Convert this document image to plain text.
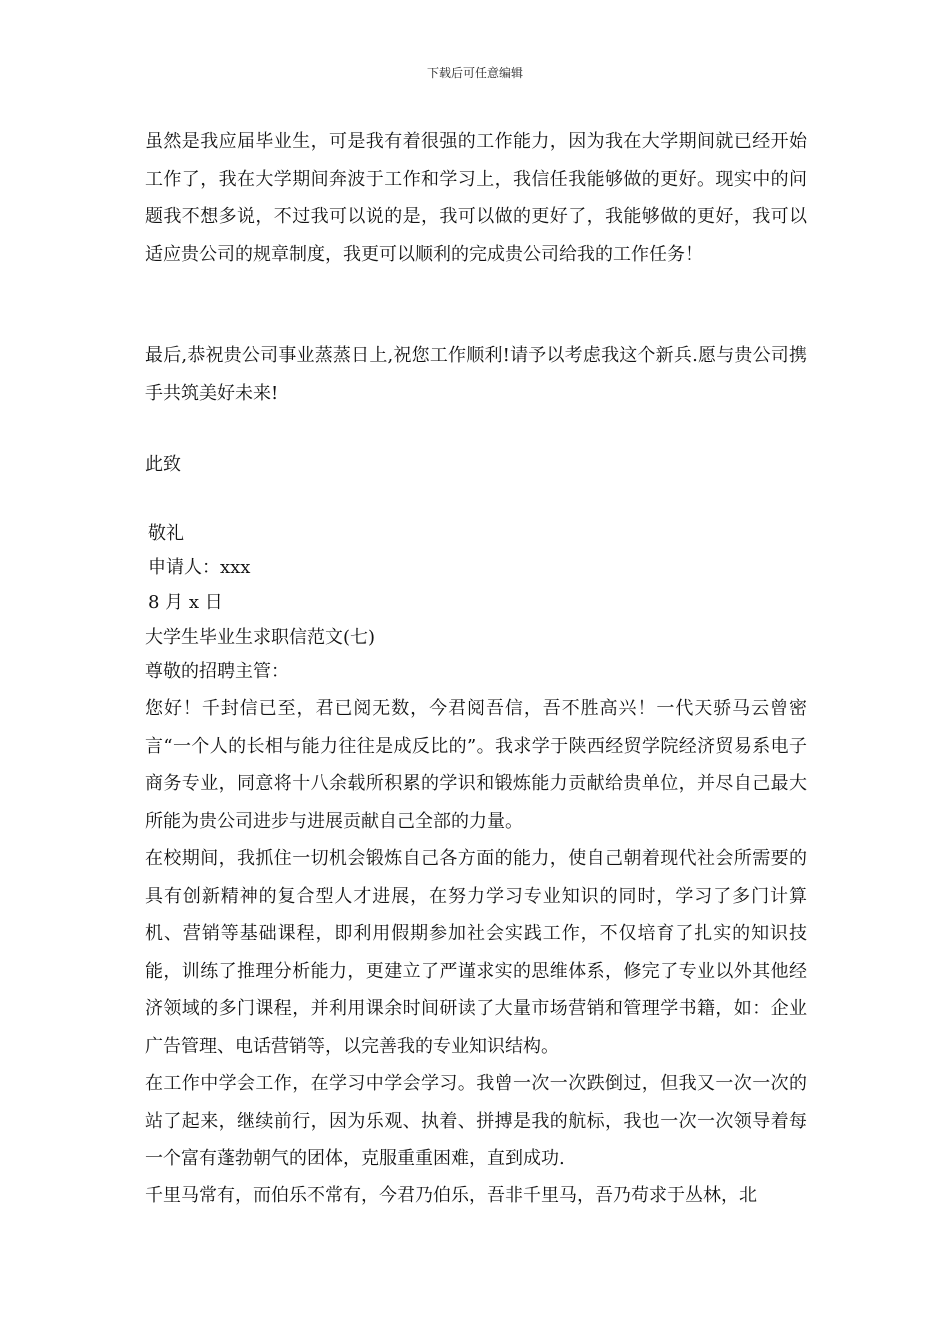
下载后可任意编辑

虽然是我应届毕业生，可是我有着很强的工作能力，因为我在大学期间就已经开始工作了，我在大学期间奔波于工作和学习上，我信任我能够做的更好。现实中的问题我不想多说，不过我可以说的是，我可以做的更好了，我能够做的更好，我可以适应贵公司的规章制度，我更可以顺利的完成贵公司给我的工作任务！

最后,恭祝贵公司事业蒸蒸日上,祝您工作顺利!请予以考虑我这个新兵.愿与贵公司携手共筑美好未来!

此致

敬礼

申请人：xxx

8 月 x 日

大学生毕业生求职信范文(七)

尊敬的招聘主管：

您好！千封信已至，君已阅无数，今君阅吾信，吾不胜高兴！一代天骄马云曾密言“一个人的长相与能力往往是成反比的”。我求学于陕西经贸学院经济贸易系电子商务专业，同意将十八余载所积累的学识和锻炼能力贡献给贵单位，并尽自己最大所能为贵公司进步与进展贡献自己全部的力量。

在校期间，我抓住一切机会锻炼自己各方面的能力，使自己朝着现代社会所需要的具有创新精神的复合型人才进展，在努力学习专业知识的同时，学习了多门计算机、营销等基础课程，即利用假期参加社会实践工作，不仅培育了扎实的知识技能，训练了推理分析能力，更建立了严谨求实的思维体系，修完了专业以外其他经济领域的多门课程，并利用课余时间研读了大量市场营销和管理学书籍，如：企业广告管理、电话营销等，以完善我的专业知识结构。

在工作中学会工作，在学习中学会学习。我曾一次一次跌倒过，但我又一次一次的站了起来，继续前行，因为乐观、执着、拼搏是我的航标，我也一次一次领导着每一个富有蓬勃朝气的团体，克服重重困难，直到成功.

千里马常有，而伯乐不常有，今君乃伯乐，吾非千里马，吾乃苟求于丛林，北
